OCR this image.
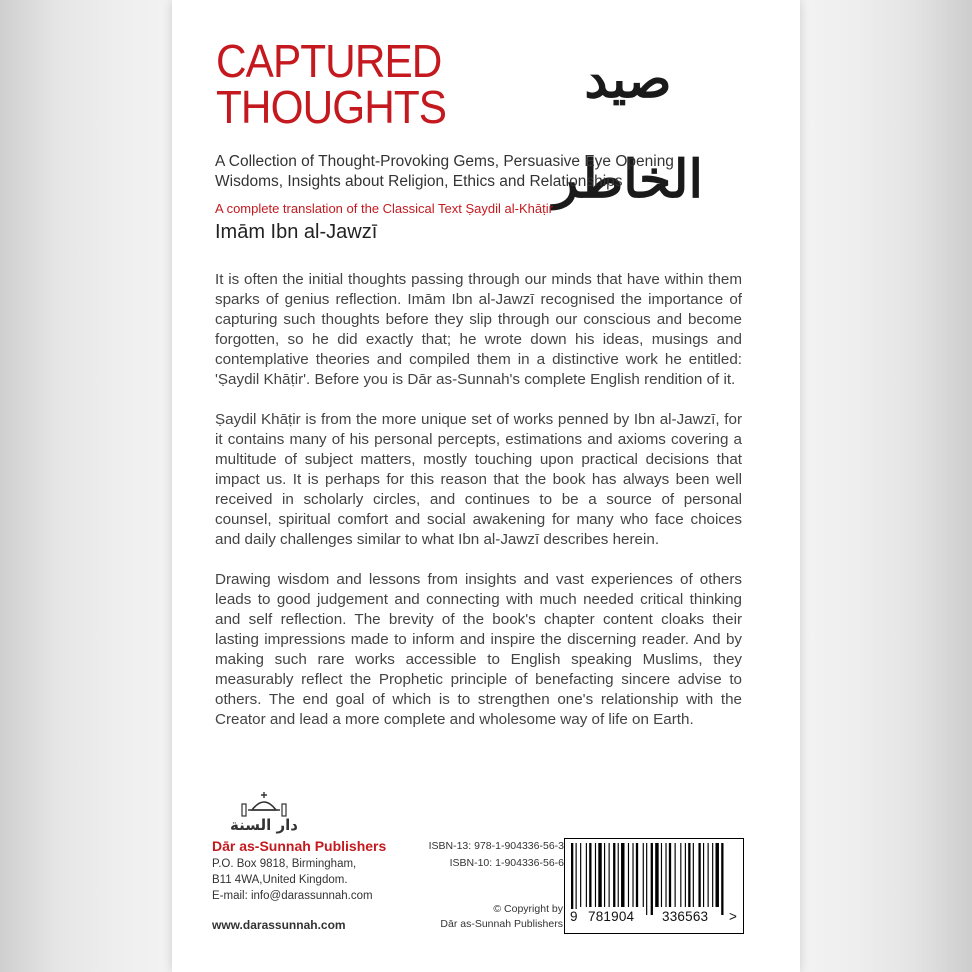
CAPTURED
THOUGHTS	صيد الخاطر
A Collection of Thought-Provoking Gems, Persuasive Eye Opening Wisdoms, Insights about Religion, Ethics and Relationships
A complete translation of the Classical Text Ṣaydil al-Khāṭir
Imām Ibn al-Jawzī

It is often the initial thoughts passing through our minds that have within them sparks of genius reflection. Imām Ibn al-Jawzī recognised the importance of capturing such thoughts before they slip through our conscious and become forgotten, so he did exactly that; he wrote down his ideas, musings and contemplative theories and compiled them in a distinctive work he entitled: 'Ṣaydil Khāṭir'. Before you is Dār as-Sunnah's complete English rendition of it.

Ṣaydil Khāṭir is from the more unique set of works penned by Ibn al-Jawzī, for it contains many of his personal percepts, estimations and axioms covering a multitude of subject matters, mostly touching upon practical decisions that impact us. It is perhaps for this reason that the book has always been well received in scholarly circles, and continues to be a source of personal counsel, spiritual comfort and social awakening for many who face choices and daily challenges similar to what Ibn al-Jawzī describes herein.

Drawing wisdom and lessons from insights and vast experiences of others leads to good judgement and connecting with much needed critical thinking and self reflection. The brevity of the book's chapter content cloaks their lasting impressions made to inform and inspire the discerning reader. And by making such rare works accessible to English speaking Muslims, they measurably reflect the Prophetic principle of benefacting sincere advise to others. The end goal of which is to strengthen one's relationship with the Creator and lead a more complete and wholesome way of life on Earth.

دار السنة
Dār as-Sunnah Publishers
P.O. Box 9818, Birmingham,
B11 4WA,United Kingdom.
E-mail: info@darassunnah.com
www.darassunnah.com
ISBN-13: 978-1-904336-56-3
ISBN-10: 1-904336-56-6
© Copyright by
Dār as-Sunnah Publishers 9 781904 336563 >
